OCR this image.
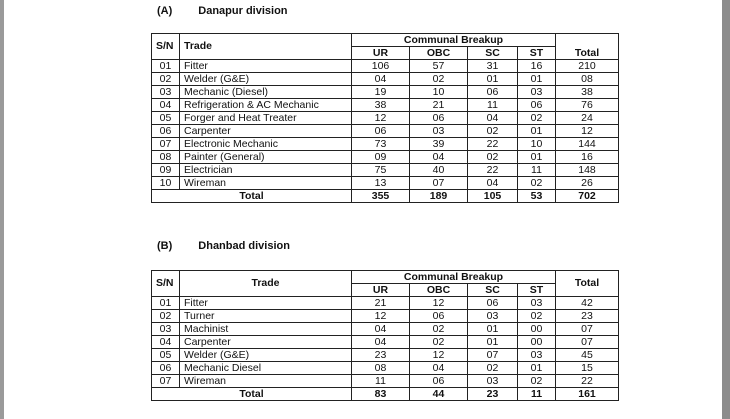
(A) Danapur division
S/N	Trade	Communal Breakup				Total
		UR	OBC	SC	ST	
01	Fitter	106	57	31	16	210
02	Welder (G&E)	04	02	01	01	08
03	Mechanic (Diesel)	19	10	06	03	38
04	Refrigeration & AC Mechanic	38	21	11	06	76
05	Forger and Heat Treater	12	06	04	02	24
06	Carpenter	06	03	02	01	12
07	Electronic Mechanic	73	39	22	10	144
08	Painter (General)	09	04	02	01	16
09	Electrician	75	40	22	11	148
10	Wireman	13	07	04	02	26
Total		355	189	105	53	702
(B) Dhanbad division
S/N	Trade	Communal Breakup				Total
		UR	OBC	SC	ST	
01	Fitter	21	12	06	03	42
02	Turner	12	06	03	02	23
03	Machinist	04	02	01	00	07
04	Carpenter	04	02	01	00	07
05	Welder (G&E)	23	12	07	03	45
06	Mechanic Diesel	08	04	02	01	15
07	Wireman	11	06	03	02	22
Total		83	44	23	11	161
